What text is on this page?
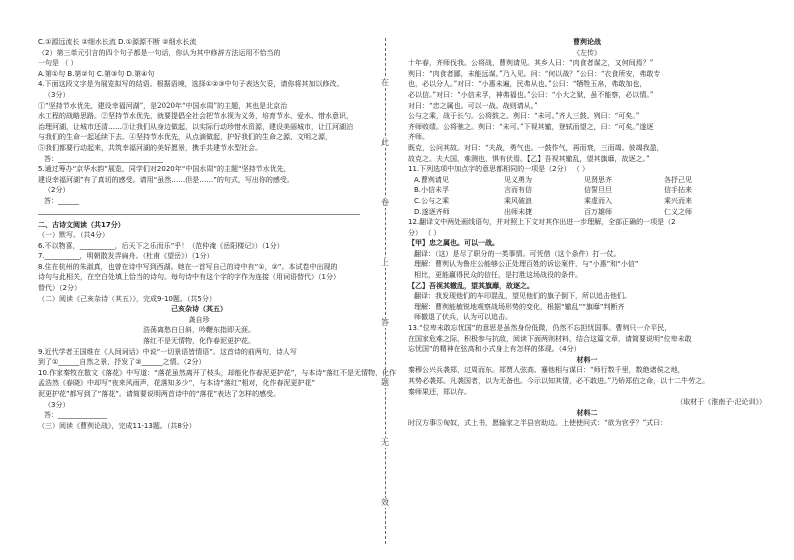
C.①源远流长 ②细水长流 D.①源源不断 ②细水长流

（2）第三单元引言的四个句子都是一句话，你认为其中修辞方法运用不恰当的

一句是 （ ）

A.第①句 B.第②句 C.第③句 D.第④句

4.下面这段文字是为展览拟写的结语。根据语境，选择①②③中句子表达欠妥，请你将其加以修改。

（3分）

①“坚持节水优先，建设幸福河湖”，是2020年“中国水周”的主题，其也是北京治

水工程的战略思路。②坚持节水优先，就要提倡全社会把节水视为义务，培育节水、爱水、惜水意识，

治理河湖，让城市还清……③让我们从身边做起，以实际行动珍惜水资源，建设美丽城市，让江河湖泊

与我们的生命一起延续下去。④坚持节水优先，从点滴做起，护好我们的生命之源、文明之源，

⑤我们都要行动起来，共筑幸福河湖的美好愿景，携手共建节水型社会。

答：______________________________

5.通过筹办“京华水韵”展览，同学们对2020年“中国水周”的主题“坚持节水优先，

建设幸福河湖”有了真切的感受。请用“虽然……但是……”的句式，写出你的感受。

（2分）

答：______

二、古诗文阅读（共17分）

（一）默写。（共4分）

6.不以物喜，__________，后天下之乐而乐”乎！（范仲淹《岳阳楼记》）（1分）

7.__________，明朝散发弄扁舟。（杜甫《望岳》）（1分）

8.住在杭州的朱淑真，也曾在诗中写到西湖。她在一首写自己的诗中有“①，②”。本试卷中出现的

诗句与此相关，在空白处填上恰当的诗句。每句诗中有这个字的字作为连接（用词语替代）（1分）

替代）（2分）

（二）阅读《己亥杂诗（其五）》，完成9-10题。（共5分）

己亥杂诗（其五）

龚自珍

浩荡离愁白日斜，吟鞭东指即天涯。

落红不是无情物，化作春泥更护花。

9.近代学者王国维在《人间词话》中说“一切景语皆情语”。这首诗的前两句，诗人写

到了①______自然之景，抒发了②______之情。（2分）

10.作家秦牧在散文《落花》中写道：“落花虽然离开了枝头，却能化作春泥更护花”，与本诗“落红不是无情物，化作

孟浩然《春晓》中却写“夜来风雨声，花落知多少”，与本诗“落红”相对，化作春泥更护花”

泥更护花”都写到了“落花”。请简要说明两首诗中的“落花”表达了怎样的感受。

（3分）

答：______________

（三）阅读《曹刿论战》，完成11-13题。（共8分）

在
此
卷
上
答
题
无
效

曹刿论战

《左传》

十年春，齐师伐我。公将战，曹刿请见。其乡人曰：“肉食者谋之，又何间焉？”

刿曰：“肉食者鄙，未能远谋。”乃入见。问：“何以战？”公曰：“衣食所安，弗敢专

也，必以分人。”对曰：“小惠未遍，民弗从也。”公曰：“牺牲玉帛，弗敢加也，

必以信。”对曰：“小信未孚，神弗福也。”公曰：“小大之狱，虽不能察，必以情。”

对曰：“忠之属也。可以一战。战则请从。”

公与之乘，战于长勺。公将鼓之。刿曰：“未可。”齐人三鼓。刿曰：“可矣。”

齐师败绩。公将驰之。刿曰：“未可。”下视其辙，登轼而望之，曰：“可矣。”遂逐

齐师。

既克，公问其故。对曰：“夫战，勇气也。一鼓作气，再而衰，三而竭。彼竭我盈，

故克之。夫大国，难测也，惧有伏焉。【乙】吾视其辙乱，望其旗靡，故逐之。”

11.下列选项中加点字的意思都相同的一项是（2分） （ ）

A.曹刿请见	见义勇为	见贤思齐	各抒己见
B.小信未孚	言而有信	信誓旦旦	信手拈来
C.公与之乘	乘风破浪	乘虚而入	乘兴而来
D.遂逐齐师	出师未捷	百万雄师	仁义之师

12.翻译文中两处画线语句，并对照上下文对其作出进一步理解，全部正确的一项是（2

分） （ ）

【甲】忠之属也。可以一战。

翻译：（这）是尽了职分的一类事情。可凭借（这个条件）打一仗。

理解：曹刿认为鲁庄公能够公正处理百姓的诉讼案件，与“小惠”和“小信”

相比，更能赢得民众的信任，是打胜这场战役的条件。

【乙】吾视其辙乱，望其旗靡，故逐之。

翻译：我发现他们的车印混乱，望见他们的旗子倒下，所以追击他们。

理解：曹刿能敏锐地观察战场形势的变化，根据“辙乱”“旗靡”判断齐

师撤退了伏兵，认为可以追击。

13.“位卑未敢忘忧国”的意思是虽然身份低微，仍然不忘担忧国事。曹刿只一介平民，

在国家危难之际，积极参与抗敌，阅读下面两则材料，结合这篇文章，请简要说明“位卑未敢

忘忧国”的精神在弦高和小式身上有怎样的体现。（4分）

材料一

秦穆公兴兵袭郑，过周而东。郑贾人弦高、蹇他相与谋曰：“师行数千里，数绝诸侯之地，

其势必袭郑。凡袭国者，以为无备也。今示以知其情，必不敢进。”乃矫郑伯之命，以十二牛劳之。

秦师果还，郑以存。

（取材于《淮南子·氾论训》）

材料二

时汉方事⑤匈奴，式上书，愿输家之半县官助边。上使使问式：“欲为官乎？”式曰：
